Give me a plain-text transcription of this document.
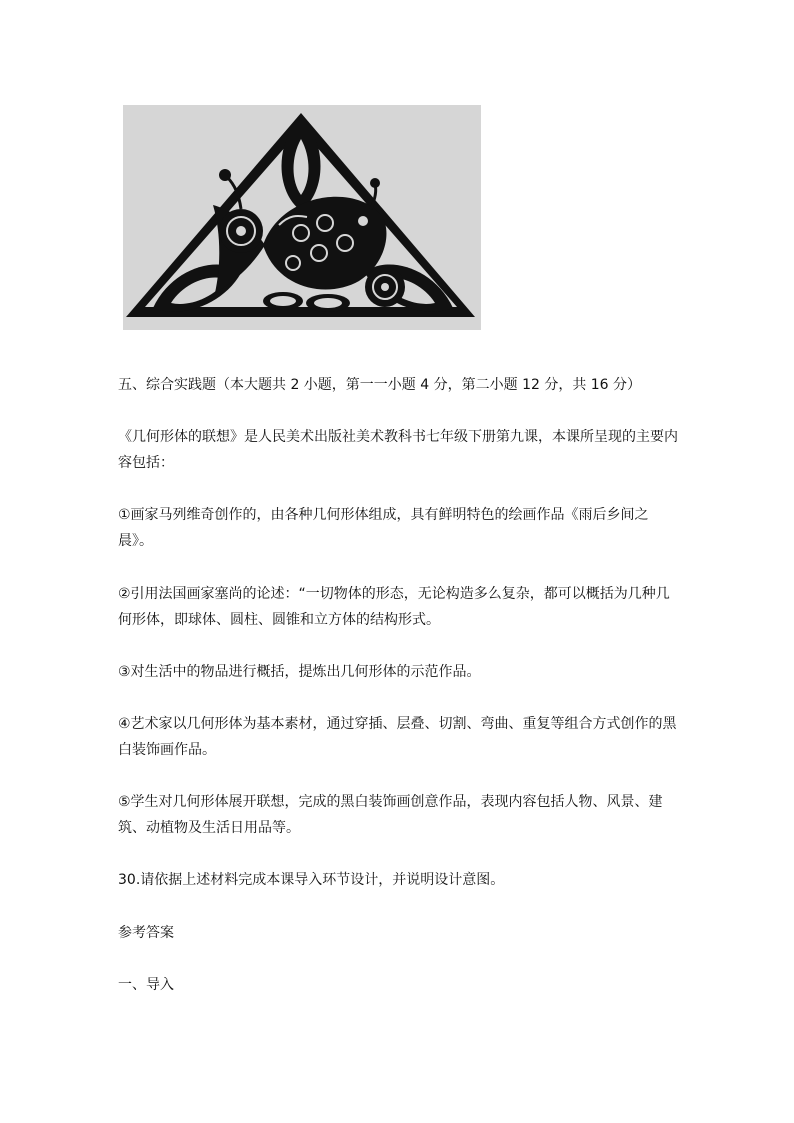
五、综合实践题（本大题共 2 小题，第一一小题 4 分，第二小题 12 分，共 16 分）

《几何形体的联想》是人民美术出版社美术教科书七年级下册第九课，本课所呈现的主要内容包括：

①画家马列维奇创作的，由各种几何形体组成，具有鲜明特色的绘画作品《雨后乡间之晨》。

②引用法国画家塞尚的论述：“一切物体的形态，无论构造多么复杂，都可以概括为几种几何形体，即球体、圆柱、圆锥和立方体的结构形式。

③对生活中的物品进行概括，提炼出几何形体的示范作品。

④艺术家以几何形体为基本素材，通过穿插、层叠、切割、弯曲、重复等组合方式创作的黑白装饰画作品。

⑤学生对几何形体展开联想，完成的黑白装饰画创意作品，表现内容包括人物、风景、建筑、动植物及生活日用品等。

30.请依据上述材料完成本课导入环节设计，并说明设计意图。

参考答案

一、导入
